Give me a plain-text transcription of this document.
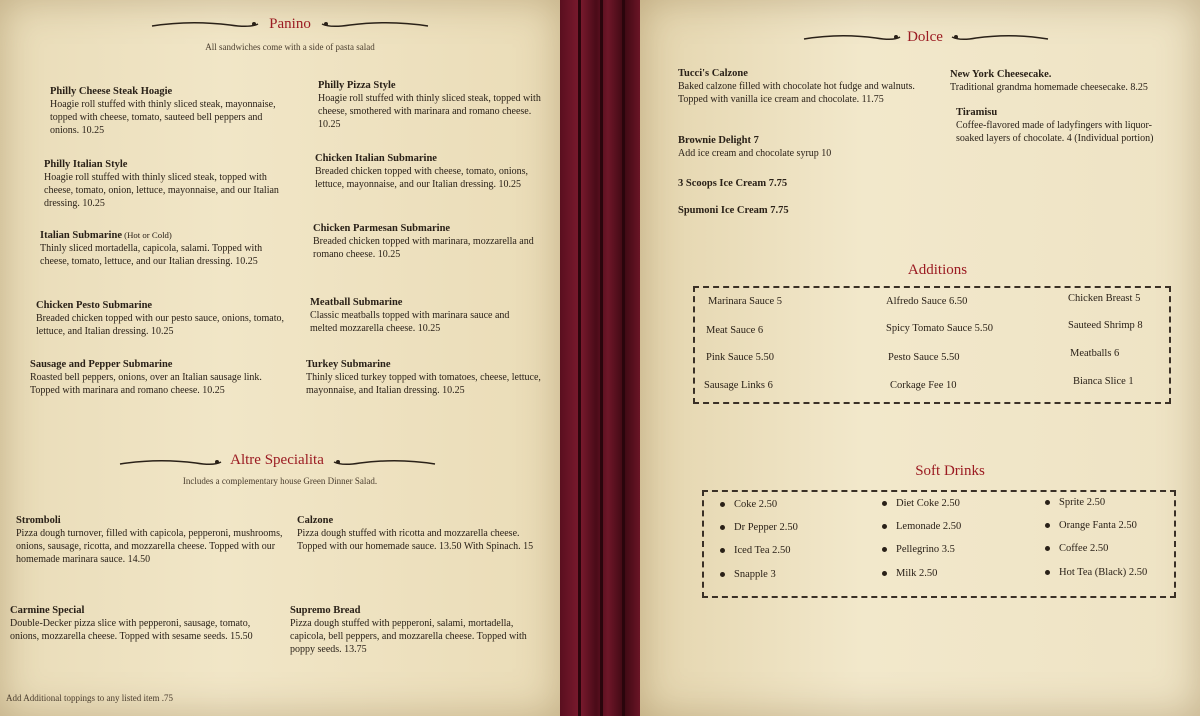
Panino
All sandwiches come with a side of pasta salad
Philly Cheese Steak Hoagie
Hoagie roll stuffed with thinly sliced steak, mayonnaise, topped with cheese, tomato, sauteed bell peppers and onions. 10.25
Philly Italian Style
Hoagie roll stuffed with thinly sliced steak, topped with cheese, tomato, onion, lettuce, mayonnaise, and our Italian dressing. 10.25
Italian Submarine (Hot or Cold)
Thinly sliced mortadella, capicola, salami. Topped with cheese, tomato, lettuce, and our Italian dressing. 10.25
Chicken Pesto Submarine
Breaded chicken topped with our pesto sauce, onions, tomato, lettuce, and Italian dressing. 10.25
Sausage and Pepper Submarine
Roasted bell peppers, onions, over an Italian sausage link. Topped with marinara and romano cheese. 10.25
Philly Pizza Style
Hoagie roll stuffed with thinly sliced steak, topped with cheese, smothered with marinara and romano cheese. 10.25
Chicken Italian Submarine
Breaded chicken topped with cheese, tomato, onions, lettuce, mayonnaise, and our Italian dressing. 10.25
Chicken Parmesan Submarine
Breaded chicken topped with marinara, mozzarella and romano cheese. 10.25
Meatball Submarine
Classic meatballs topped with marinara sauce and melted mozzarella cheese. 10.25
Turkey Submarine
Thinly sliced turkey topped with tomatoes, cheese, lettuce, mayonnaise, and Italian dressing. 10.25
Altre Specialita
Includes a complementary house Green Dinner Salad.
Stromboli
Pizza dough turnover, filled with capicola, pepperoni, mushrooms, onions, sausage, ricotta, and mozzarella cheese. Topped with our homemade marinara sauce. 14.50
Calzone
Pizza dough stuffed with ricotta and mozzarella cheese. Topped with our homemade sauce. 13.50 With Spinach. 15
Carmine Special
Double-Decker pizza slice with pepperoni, sausage, tomato, onions, mozzarella cheese. Topped with sesame seeds. 15.50
Supremo Bread
Pizza dough stuffed with pepperoni, salami, mortadella, capicola, bell peppers, and mozzarella cheese. Topped with poppy seeds. 13.75
Add Additional toppings to any listed item .75
Dolce
Tucci's Calzone
Baked calzone filled with chocolate hot fudge and walnuts. Topped with vanilla ice cream and chocolate. 11.75
Brownie Delight 7
Add ice cream and chocolate syrup 10
3 Scoops Ice Cream 7.75
Spumoni Ice Cream 7.75
New York Cheesecake.
Traditional grandma homemade cheesecake. 8.25
Tiramisu
Coffee-flavored made of ladyfingers with liquor-soaked layers of chocolate. 4 (Individual portion)
Additions
Marinara Sauce 5
Meat Sauce 6
Pink Sauce 5.50
Sausage Links 6
Alfredo Sauce 6.50
Spicy Tomato Sauce 5.50
Pesto Sauce 5.50
Corkage Fee 10
Chicken Breast 5
Sauteed Shrimp 8
Meatballs 6
Bianca Slice 1
Soft Drinks
Coke 2.50
Dr Pepper 2.50
Iced Tea 2.50
Snapple 3
Diet Coke 2.50
Lemonade 2.50
Pellegrino 3.5
Milk 2.50
Sprite 2.50
Orange Fanta 2.50
Coffee 2.50
Hot Tea (Black) 2.50
